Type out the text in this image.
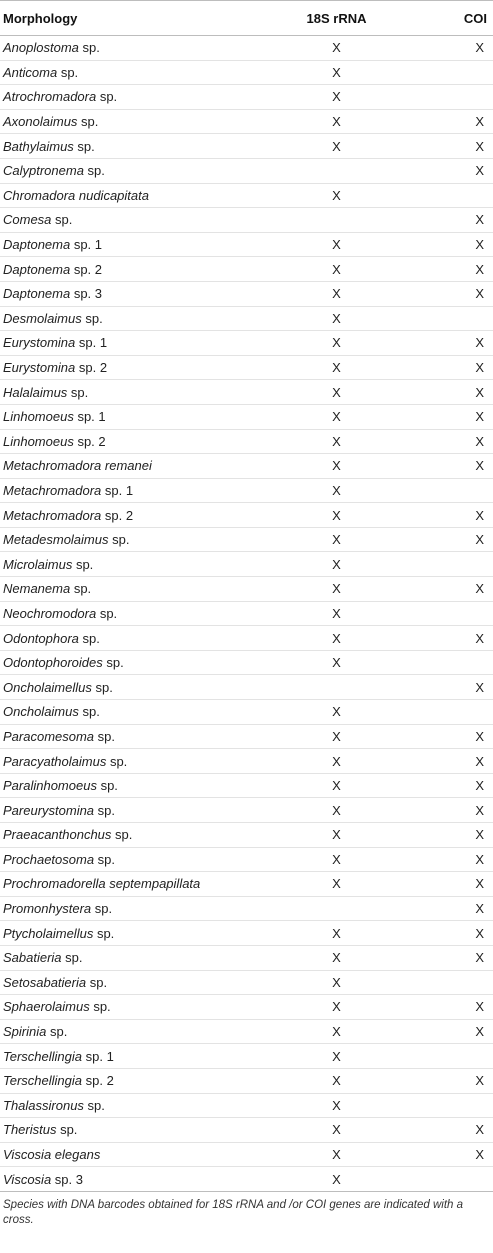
Morphology	18S rRNA	COI
Anoplostoma sp.	X	X
Anticoma sp.	X	
Atrochromadora sp.	X	
Axonolaimus sp.	X	X
Bathylaimus sp.	X	X
Calyptronema sp.		X
Chromadora nudicapitata	X	
Comesa sp.		X
Daptonema sp. 1	X	X
Daptonema sp. 2	X	X
Daptonema sp. 3	X	X
Desmolaimus sp.	X	
Eurystomina sp. 1	X	X
Eurystomina sp. 2	X	X
Halalaimus sp.	X	X
Linhomoeus sp. 1	X	X
Linhomoeus sp. 2	X	X
Metachromadora remanei	X	X
Metachromadora sp. 1	X	
Metachromadora sp. 2	X	X
Metadesmolaimus sp.	X	X
Microlaimus sp.	X	
Nemanema sp.	X	X
Neochromodora sp.	X	
Odontophora sp.	X	X
Odontophoroides sp.	X	
Oncholaimellus sp.		X
Oncholaimus sp.	X	
Paracomesoma sp.	X	X
Paracyatholaimus sp.	X	X
Paralinhomoeus sp.	X	X
Pareurystomina sp.	X	X
Praeacanthonchus sp.	X	X
Prochaetosoma sp.	X	X
Prochromadorella septempapillata	X	X
Promonhystera sp.		X
Ptycholaimellus sp.	X	X
Sabatieria sp.	X	X
Setosabatieria sp.	X	
Sphaerolaimus sp.	X	X
Spirinia sp.	X	X
Terschellingia sp. 1	X	
Terschellingia sp. 2	X	X
Thalassironus sp.	X	
Theristus sp.	X	X
Viscosia elegans	X	X
Viscosia sp. 3	X	
Species with DNA barcodes obtained for 18S rRNA and /or COI genes are indicated with a cross.
